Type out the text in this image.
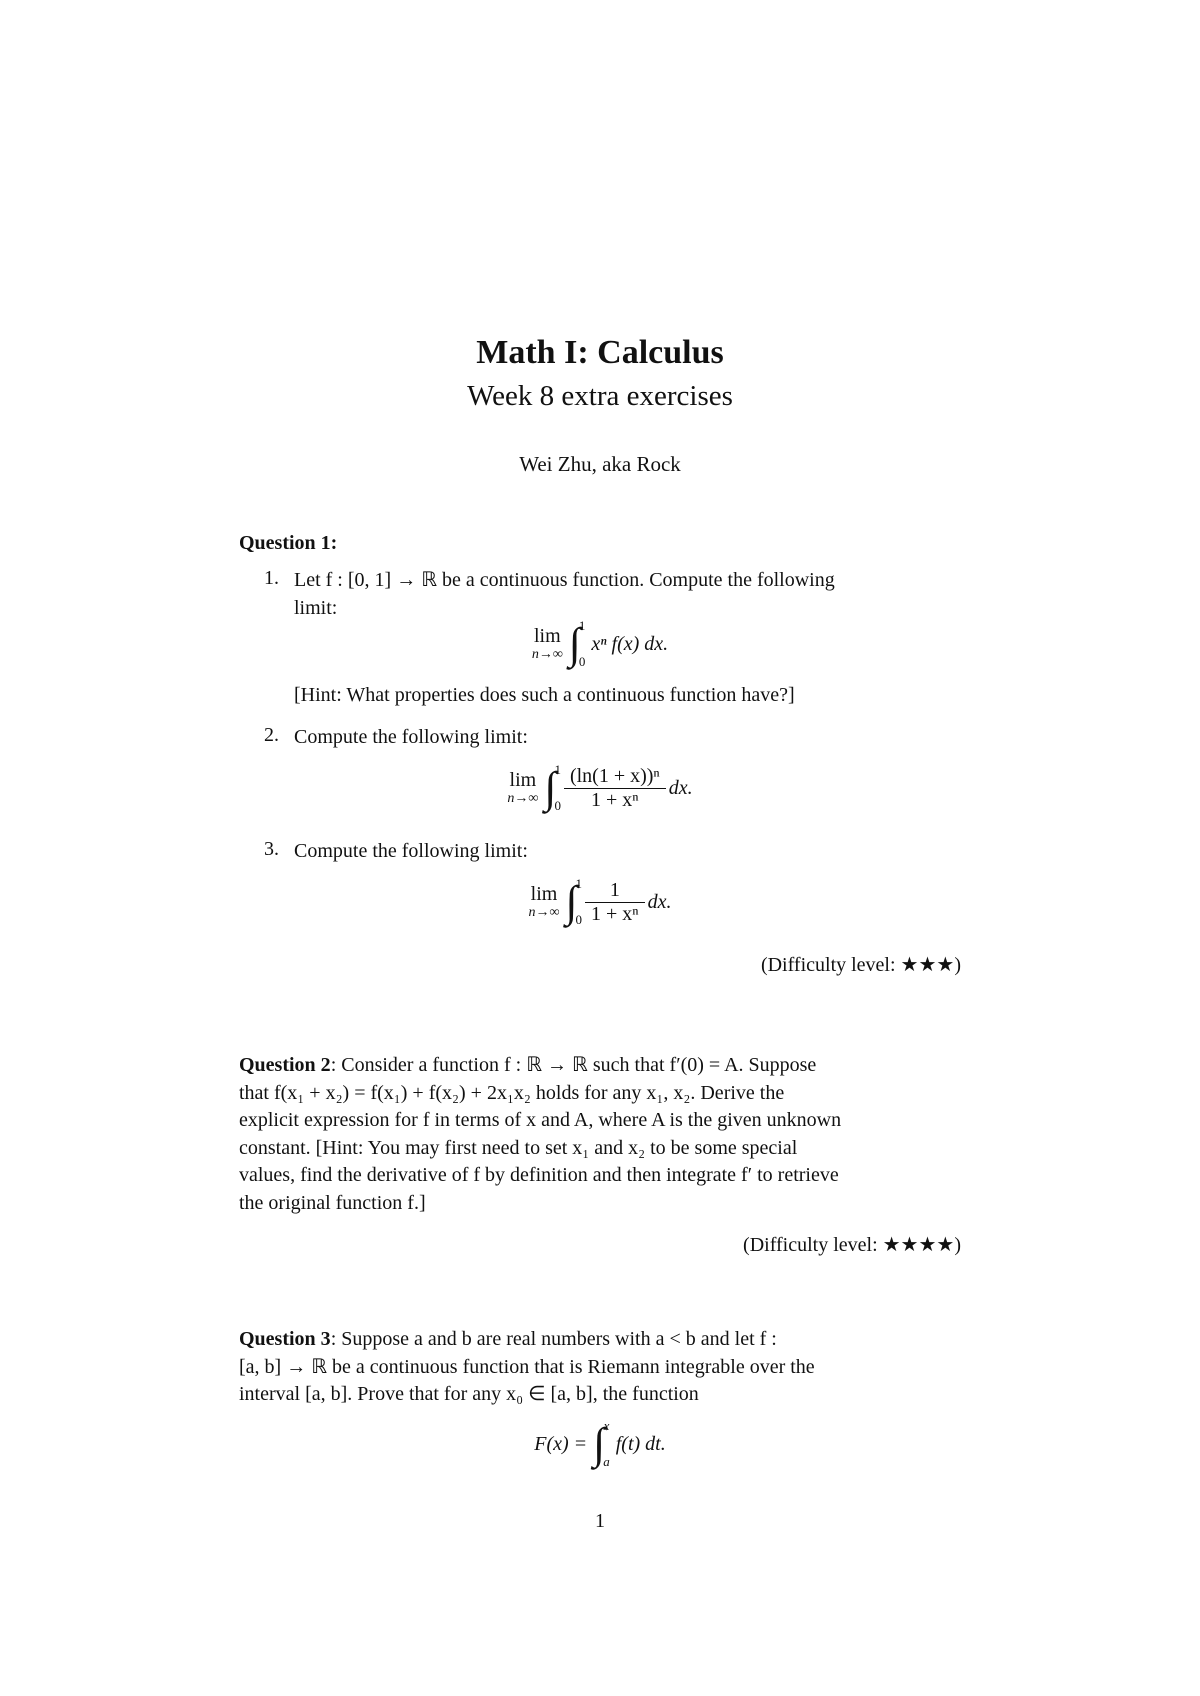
Math I: Calculus
Week 8 extra exercises
Wei Zhu, aka Rock
Question 1:
1. Let f : [0, 1] → ℝ be a continuous function. Compute the following
limit:
lim
n→∞ ∫
1
0
xⁿ f(x) dx.
[Hint: What properties does such a continuous function have?]
2. Compute the following limit:
lim
n→∞ ∫
1
$0 \frac{\text{(ln(1 + x))ⁿ}}{\text{1 + xⁿ}}$ dx.
3. Compute the following limit:
lim
n→∞ ∫
1
$0 \frac{1}{\text{1 + xⁿ}}$ dx.
(Difficulty level: ★★★)
Question 2: Consider a function f : ℝ → ℝ such that f′(0) = A. Suppose
that f(x₁ + x₂) = f(x₁) + f(x₂) + 2x₁x₂ holds for any x₁, x₂. Derive the
explicit expression for f in terms of x and A, where A is the given unknown
constant. [Hint: You may first need to set x₁ and x₂ to be some special
values, find the derivative of f by definition and then integrate f′ to retrieve
the original function f.]
(Difficulty level: ★★★★)
Question 3: Suppose a and b are real numbers with a < b and let f :
[a, b] → ℝ be a continuous function that is Riemann integrable over the
interval [a, b]. Prove that for any x₀ ∈ [a, b], the function
F(x) = ∫
x
a
f(t) dt.
1
